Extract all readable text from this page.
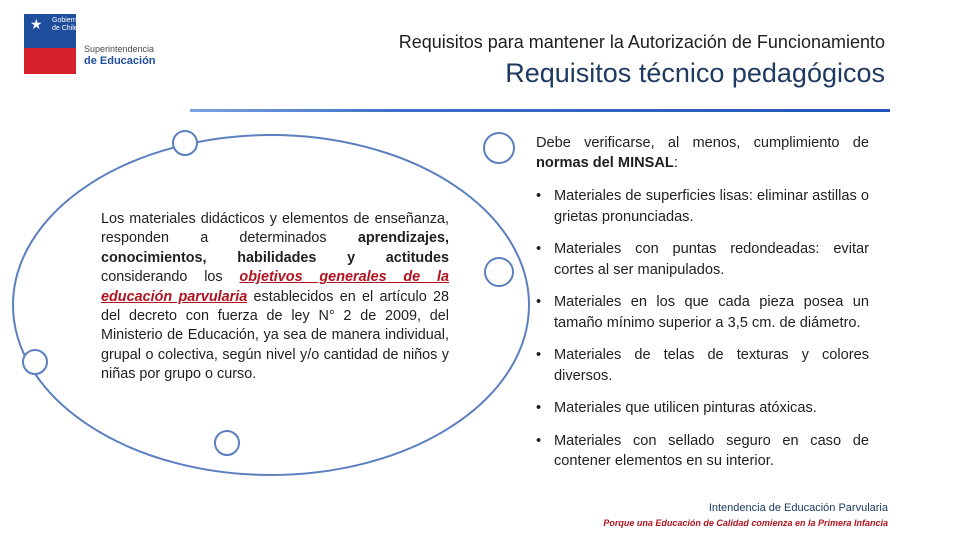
★ Gobierno de Chile
Superintendencia
de Educación
Requisitos para mantener la Autorización de Funcionamiento
Requisitos técnico pedagógicos
Los materiales didácticos y elementos de enseñanza, responden a determinados aprendizajes, conocimientos, habilidades y actitudes considerando los objetivos generales de la educación parvularia establecidos en el artículo 28 del decreto con fuerza de ley N° 2 de 2009, del Ministerio de Educación, ya sea de manera individual, grupal o colectiva, según nivel y/o cantidad de niños y niñas por grupo o curso.
Debe verificarse, al menos, cumplimiento de normas del MINSAL:
• Materiales de superficies lisas: eliminar astillas o grietas pronunciadas.
• Materiales con puntas redondeadas: evitar cortes al ser manipulados.
• Materiales en los que cada pieza posea un tamaño mínimo superior a 3,5 cm. de diámetro.
• Materiales de telas de texturas y colores diversos.
• Materiales que utilicen pinturas atóxicas.
• Materiales con sellado seguro en caso de contener elementos en su interior.
Intendencia de Educación Parvularia
Porque una Educación de Calidad comienza en la Primera Infancia
